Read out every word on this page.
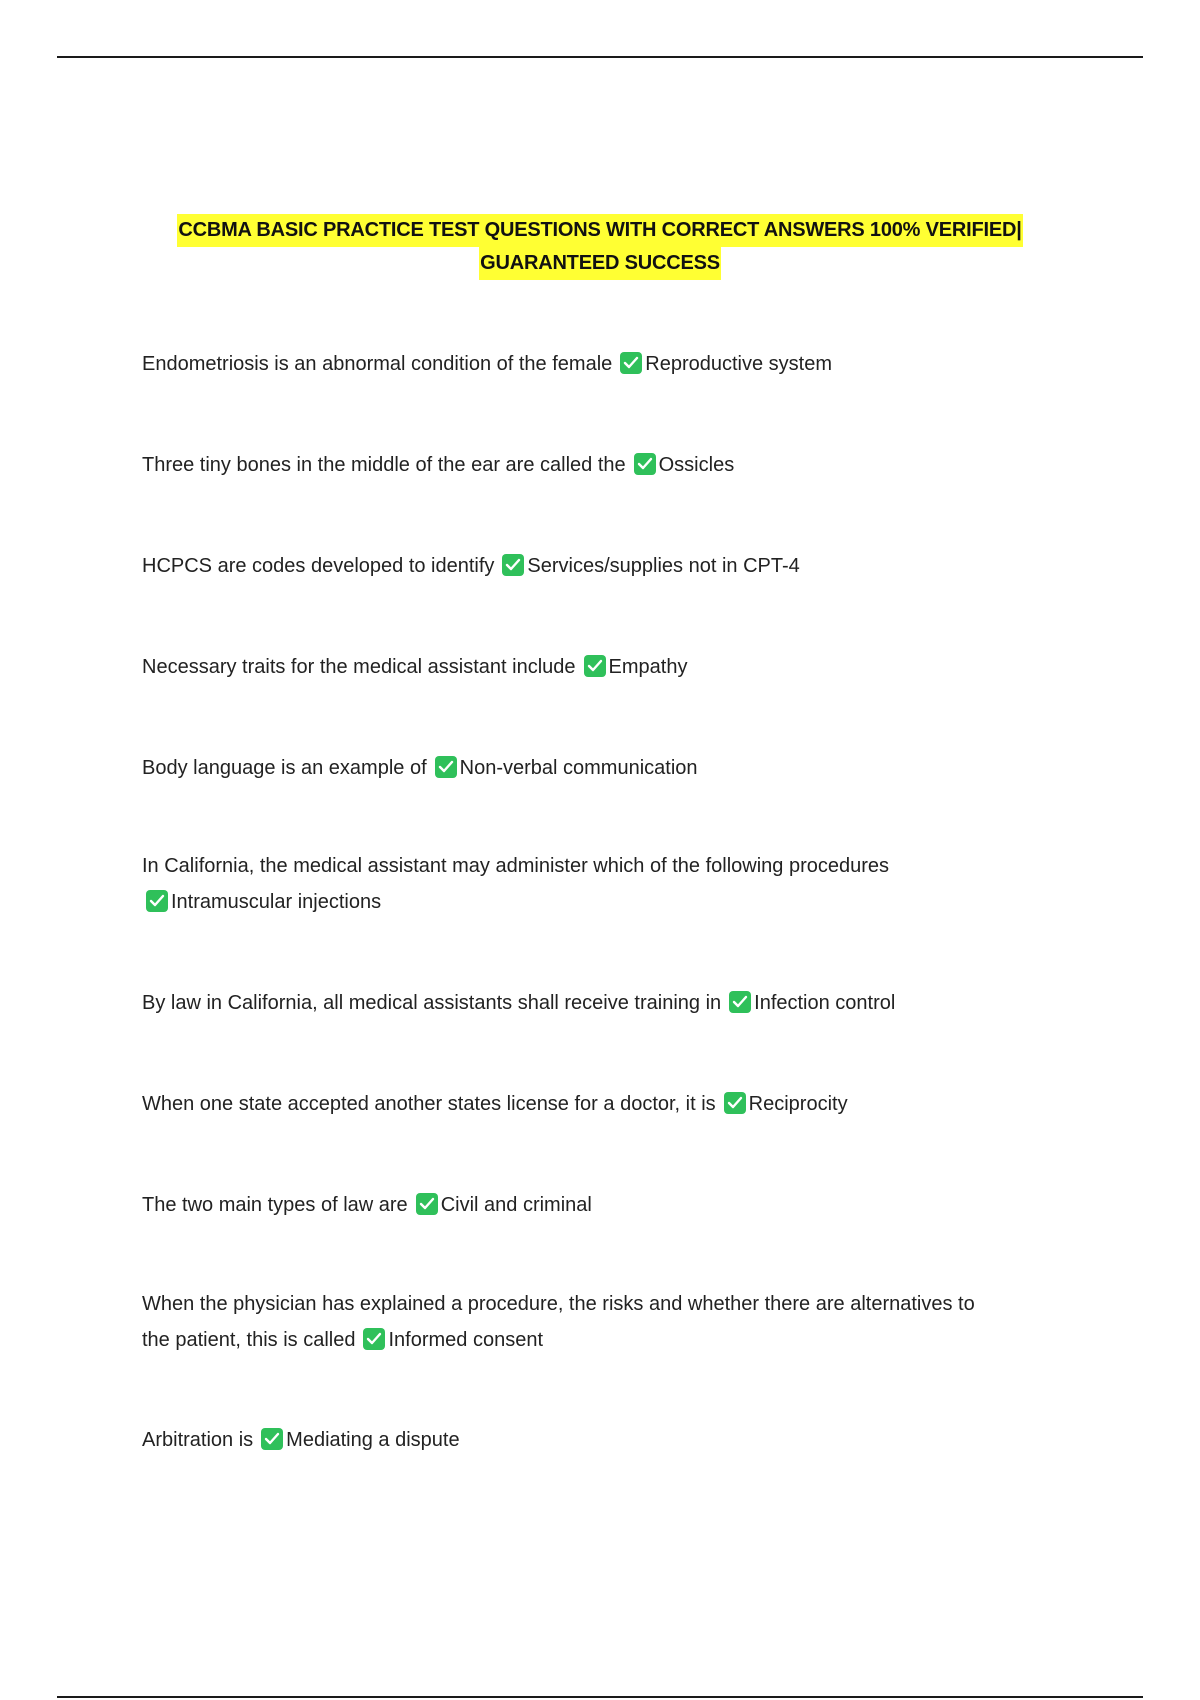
CCBMA BASIC PRACTICE TEST QUESTIONS WITH CORRECT ANSWERS 100% VERIFIED|
GUARANTEED SUCCESS
Endometriosis is an abnormal condition of the female Reproductive system
Three tiny bones in the middle of the ear are called the Ossicles
HCPCS are codes developed to identify Services/supplies not in CPT-4
Necessary traits for the medical assistant include Empathy
Body language is an example of Non-verbal communication
In California, the medical assistant may administer which of the following procedures

Intramuscular injections
By law in California, all medical assistants shall receive training in Infection control
When one state accepted another states license for a doctor, it is Reciprocity
The two main types of law are Civil and criminal
When the physician has explained a procedure, the risks and whether there are alternatives to
the patient, this is called Informed consent
Arbitration is Mediating a dispute
